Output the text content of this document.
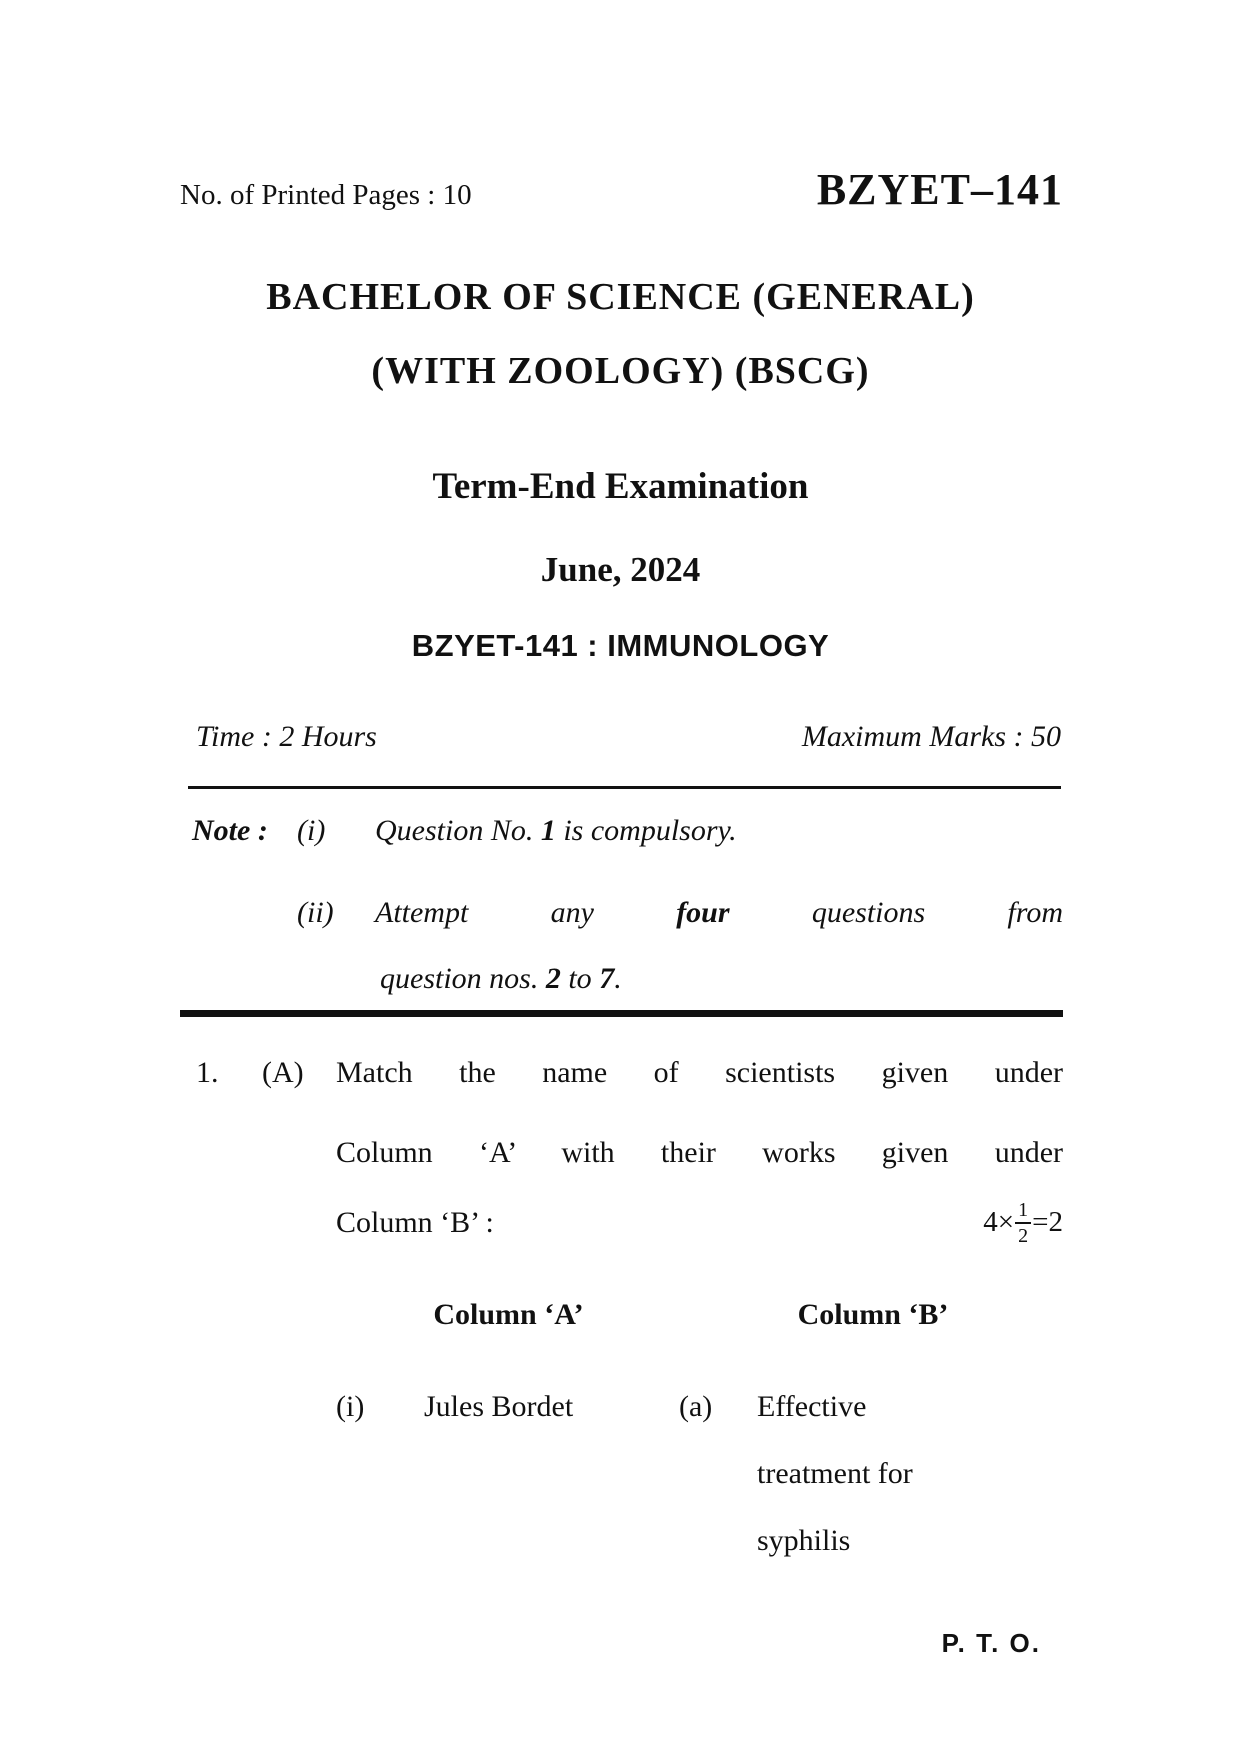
No. of Printed Pages : 10	BZYET–141
BACHELOR OF SCIENCE (GENERAL)
(WITH ZOOLOGY) (BSCG)
Term-End Examination
June, 2024
BZYET-141 : IMMUNOLOGY
Time : 2 Hours	Maximum Marks : 50
Note : (i) Question No. 1 is compulsory.
(ii) Attempt any	four	questions from
question nos. 2 to 7.
1. (A) Match the name of scientists given under
Column ‘A’ with their works given under
Column ‘B’ :	$4\times \frac{1}{2} =2$
Column ‘A’	Column ‘B’
(i)	Jules Bordet	(a)	Effective
treatment for
syphilis
P. T. O.
